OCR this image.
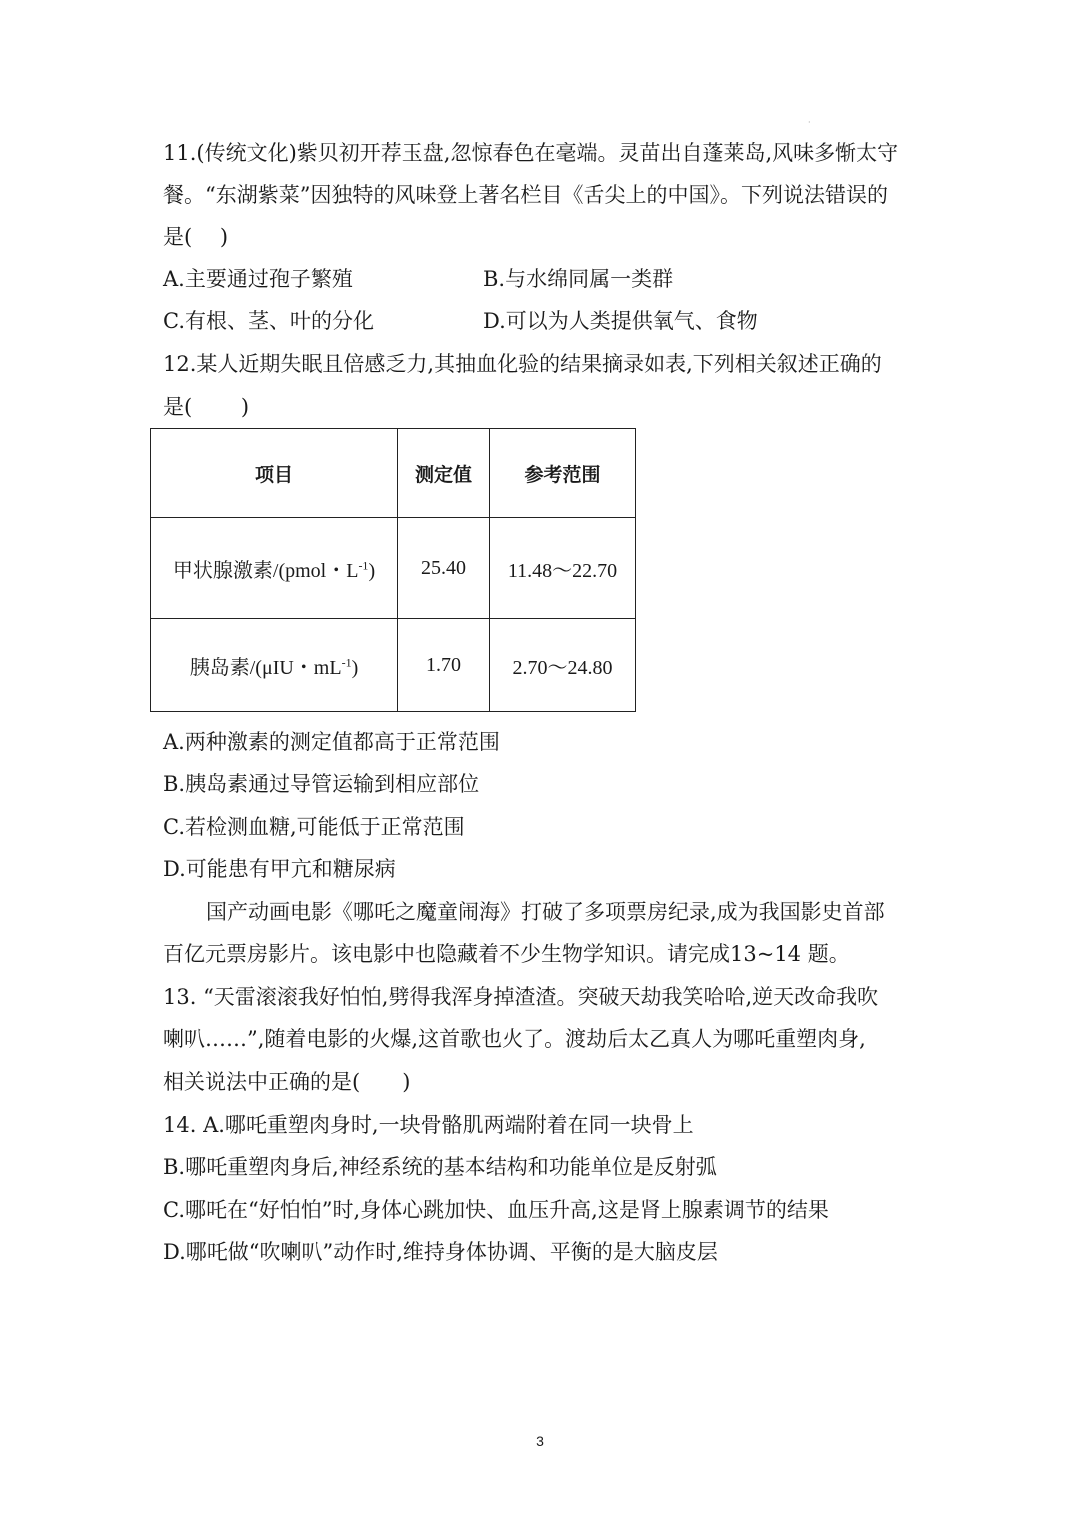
·
11.(传统文化)紫贝初开荐玉盘,忽惊春色在毫端。灵苗出自蓬莱岛,风味多惭太守
餐。“东湖紫菜”因独特的风味登上著名栏目《舌尖上的中国》。下列说法错误的
是(　 )
A.主要通过孢子繁殖	B.与水绵同属一类群
C.有根、茎、叶的分化	D.可以为人类提供氧气、食物
12.某人近期失眠且倍感乏力,其抽血化验的结果摘录如表,下列相关叙述正确的
是(　 　)
项目	测定值	参考范围
甲状腺激素/(pmol・$L^{-1}$)	25.40	11.48～22.70
胰岛素/(μIU・$mL^{-1}$)	1.70	2.70～24.80
A.两种激素的测定值都高于正常范围
B.胰岛素通过导管运输到相应部位
C.若检测血糖,可能低于正常范围
D.可能患有甲亢和糖尿病
国产动画电影《哪吒之魔童闹海》打破了多项票房纪录,成为我国影史首部
百亿元票房影片。该电影中也隐藏着不少生物学知识。请完成13~14 题。
13. “天雷滚滚我好怕怕,劈得我浑身掉渣渣。突破天劫我笑哈哈,逆天改命我吹
喇叭……”,随着电影的火爆,这首歌也火了。渡劫后太乙真人为哪吒重塑肉身,
相关说法中正确的是(　　)
14. A.哪吒重塑肉身时,一块骨骼肌两端附着在同一块骨上
B.哪吒重塑肉身后,神经系统的基本结构和功能单位是反射弧
C.哪吒在“好怕怕”时,身体心跳加快、血压升高,这是肾上腺素调节的结果
D.哪吒做“吹喇叭”动作时,维持身体协调、平衡的是大脑皮层
3
